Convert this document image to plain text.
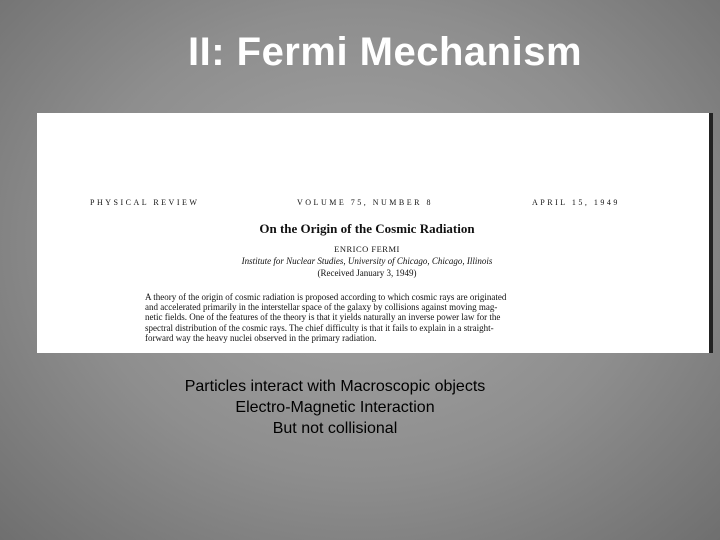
II: Fermi Mechanism
PHYSICAL REVIEW	VOLUME 75, NUMBER 8	APRIL 15, 1949
On the Origin of the Cosmic Radiation
ENRICO FERMI
Institute for Nuclear Studies, University of Chicago, Chicago, Illinois
(Received January 3, 1949)
A theory of the origin of cosmic radiation is proposed according to which cosmic rays are originated
and accelerated primarily in the interstellar space of the galaxy by collisions against moving mag-
netic fields. One of the features of the theory is that it yields naturally an inverse power law for the
spectral distribution of the cosmic rays. The chief difficulty is that it fails to explain in a straight-
forward way the heavy nuclei observed in the primary radiation.
Particles interact with Macroscopic objects
Electro-Magnetic Interaction
But not collisional
